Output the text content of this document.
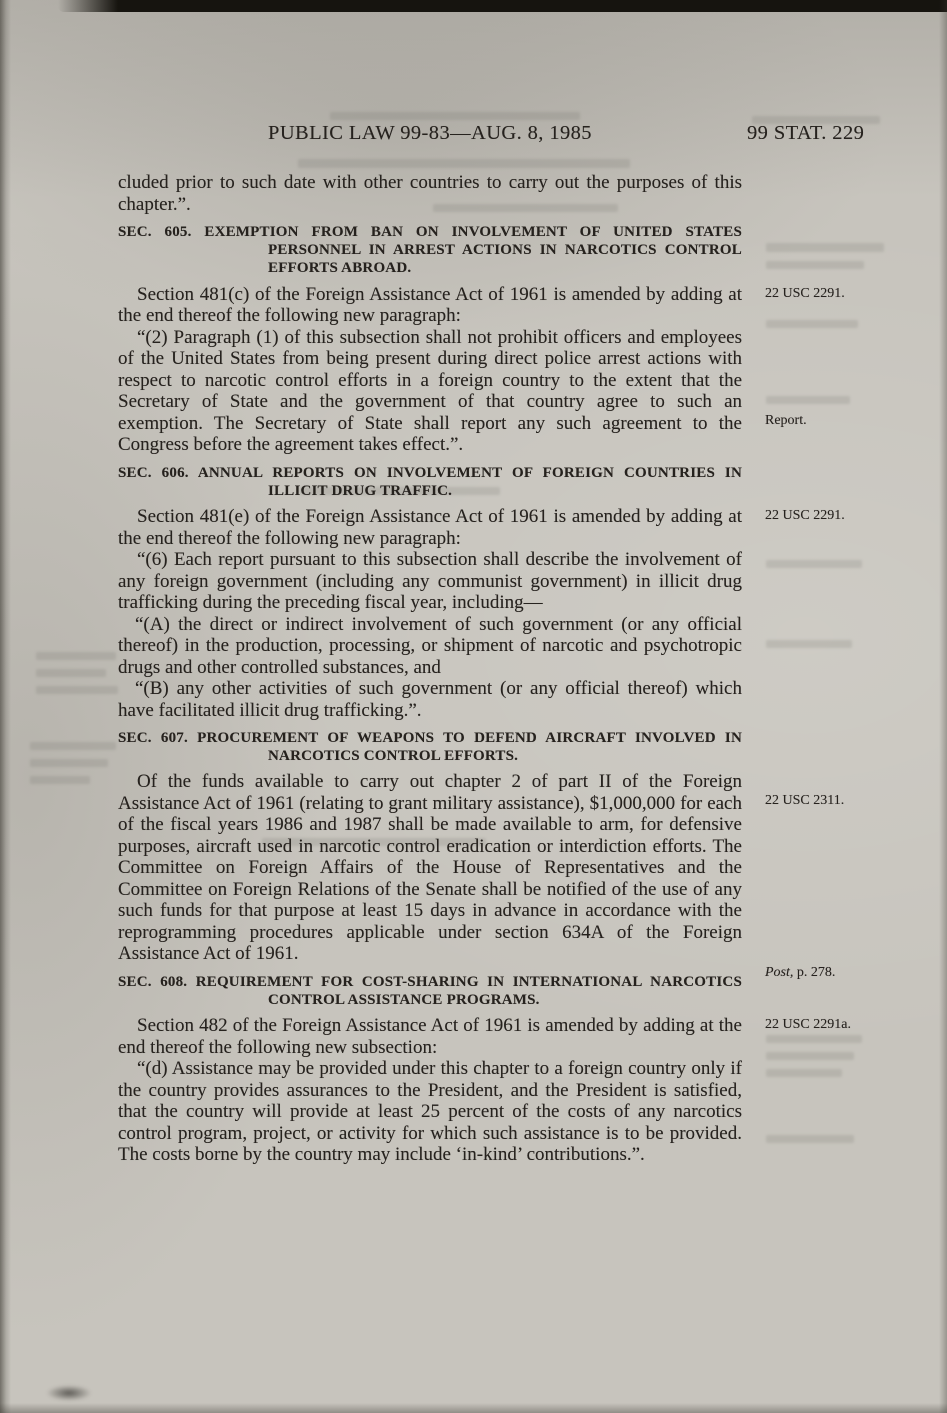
PUBLIC LAW 99-83—AUG. 8, 1985	99 STAT. 229

cluded prior to such date with other countries to carry out the purposes of this chapter.”.

SEC. 605. EXEMPTION FROM BAN ON INVOLVEMENT OF UNITED STATES PERSONNEL IN ARREST ACTIONS IN NARCOTICS CONTROL EFFORTS ABROAD.

Section 481(c) of the Foreign Assistance Act of 1961 is amended by adding at the end thereof the following new paragraph:
22 USC 2291.

“(2) Paragraph (1) of this subsection shall not prohibit officers and employees of the United States from being present during direct police arrest actions with respect to narcotic control efforts in a foreign country to the extent that the Secretary of State and the government of that country agree to such an exemption. The Secretary of State shall report any such agreement to the Congress before the agreement takes effect.”.
Report.

SEC. 606. ANNUAL REPORTS ON INVOLVEMENT OF FOREIGN COUNTRIES IN ILLICIT DRUG TRAFFIC.

Section 481(e) of the Foreign Assistance Act of 1961 is amended by adding at the end thereof the following new paragraph:
22 USC 2291.

“(6) Each report pursuant to this subsection shall describe the involvement of any foreign government (including any communist government) in illicit drug trafficking during the preceding fiscal year, including—

“(A) the direct or indirect involvement of such government (or any official thereof) in the production, processing, or shipment of narcotic and psychotropic drugs and other controlled substances, and

“(B) any other activities of such government (or any official thereof) which have facilitated illicit drug trafficking.”.

SEC. 607. PROCUREMENT OF WEAPONS TO DEFEND AIRCRAFT INVOLVED IN NARCOTICS CONTROL EFFORTS.

Of the funds available to carry out chapter 2 of part II of the Foreign Assistance Act of 1961 (relating to grant military assistance), $1,000,000 for each of the fiscal years 1986 and 1987 shall be made available to arm, for defensive purposes, aircraft used in narcotic control eradication or interdiction efforts. The Committee on Foreign Affairs of the House of Representatives and the Committee on Foreign Relations of the Senate shall be notified of the use of any such funds for that purpose at least 15 days in advance in accordance with the reprogramming procedures applicable under section 634A of the Foreign Assistance Act of 1961.
22 USC 2311.
Post, p. 278.

SEC. 608. REQUIREMENT FOR COST-SHARING IN INTERNATIONAL NARCOTICS CONTROL ASSISTANCE PROGRAMS.

Section 482 of the Foreign Assistance Act of 1961 is amended by adding at the end thereof the following new subsection:
22 USC 2291a.

“(d) Assistance may be provided under this chapter to a foreign country only if the country provides assurances to the President, and the President is satisfied, that the country will provide at least 25 percent of the costs of any narcotics control program, project, or activity for which such assistance is to be provided. The costs borne by the country may include ‘in-kind’ contributions.”.
